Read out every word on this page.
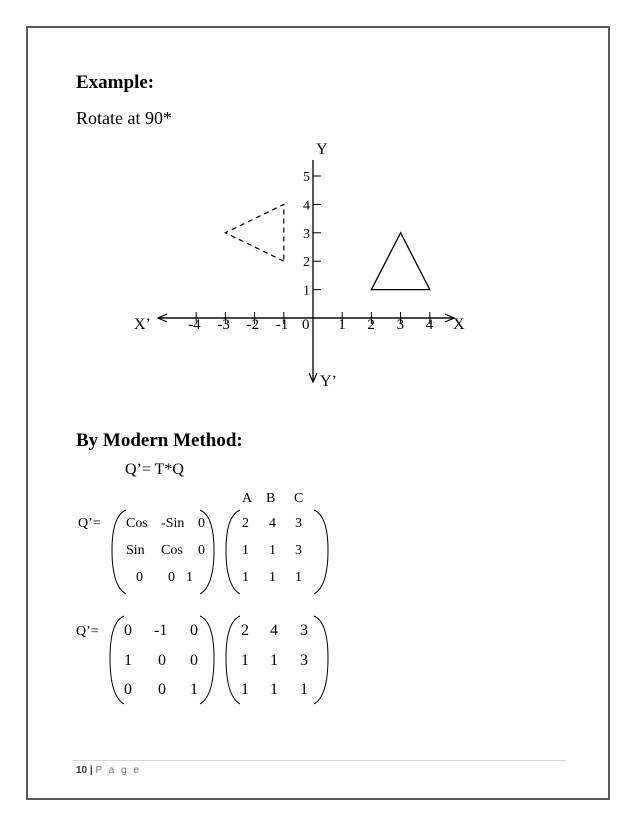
Example:
Rotate at 90*
-4 -3 -2 -1 0 1 2 3 4
1
2
3
4
5
Y
Y’
X
X’
By Modern Method:
Q’= T*Q
A B C
Q’= Cos -Sin 0
Sin Cos 0
0 0 1
2 4 3
1 1 3
1 1 1
Q’= 0 -1 0
1 0 0
0 0 1
2 4 3
1 1 3
1 1 1
10 | P a g e
